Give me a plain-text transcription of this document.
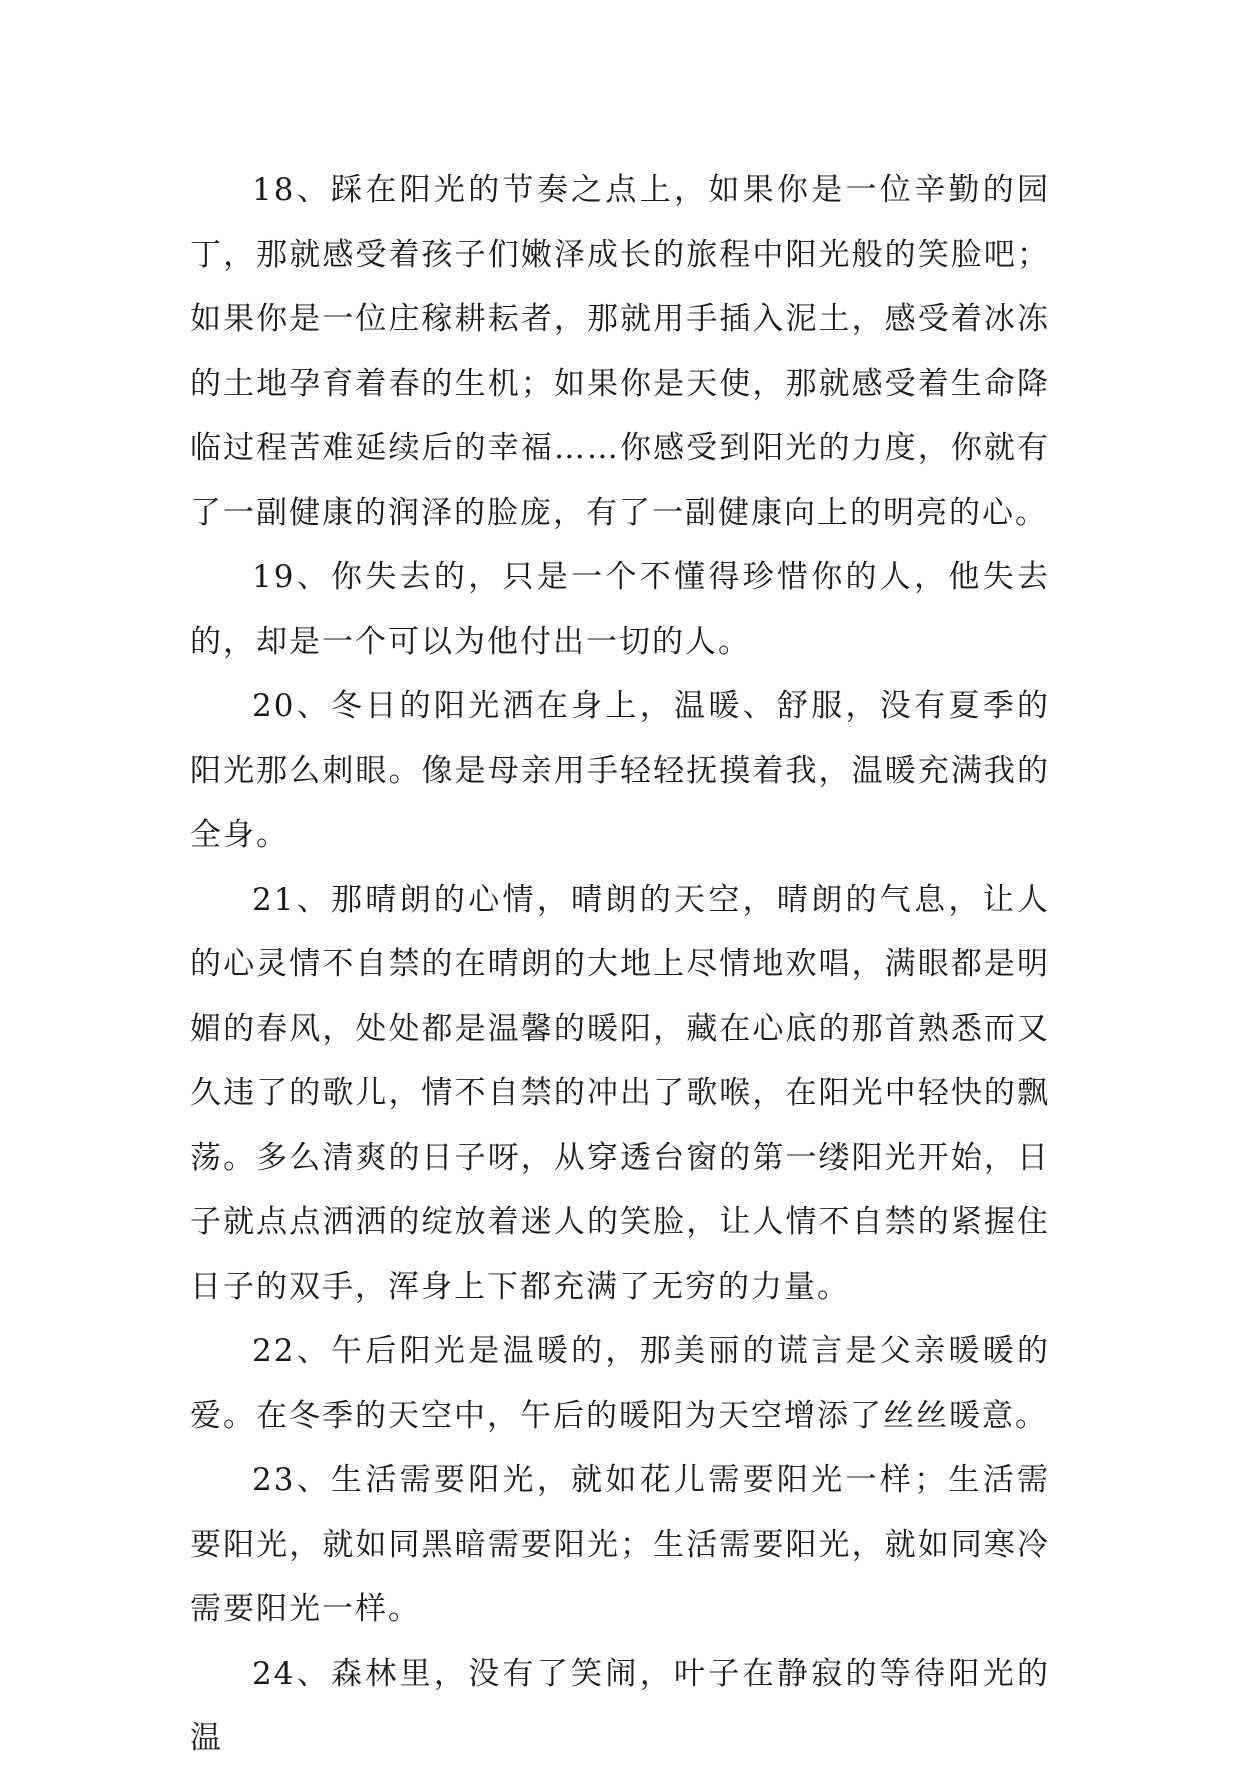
18、踩在阳光的节奏之点上，如果你是一位辛勤的园丁，那就感受着孩子们嫩泽成长的旅程中阳光般的笑脸吧；如果你是一位庄稼耕耘者，那就用手插入泥土，感受着冰冻的土地孕育着春的生机；如果你是天使，那就感受着生命降临过程苦难延续后的幸福……你感受到阳光的力度，你就有了一副健康的润泽的脸庞，有了一副健康向上的明亮的心。

19、你失去的，只是一个不懂得珍惜你的人，他失去的，却是一个可以为他付出一切的人。

20、冬日的阳光洒在身上，温暖、舒服，没有夏季的阳光那么刺眼。像是母亲用手轻轻抚摸着我，温暖充满我的全身。

21、那晴朗的心情，晴朗的天空，晴朗的气息，让人的心灵情不自禁的在晴朗的大地上尽情地欢唱，满眼都是明媚的春风，处处都是温馨的暖阳，藏在心底的那首熟悉而又久违了的歌儿，情不自禁的冲出了歌喉，在阳光中轻快的飘荡。多么清爽的日子呀，从穿透台窗的第一缕阳光开始，日子就点点洒洒的绽放着迷人的笑脸，让人情不自禁的紧握住日子的双手，浑身上下都充满了无穷的力量。

22、午后阳光是温暖的，那美丽的谎言是父亲暖暖的爱。在冬季的天空中，午后的暖阳为天空增添了丝丝暖意。

23、生活需要阳光，就如花儿需要阳光一样；生活需要阳光，就如同黑暗需要阳光；生活需要阳光，就如同寒冷需要阳光一样。

24、森林里，没有了笑闹，叶子在静寂的等待阳光的温
